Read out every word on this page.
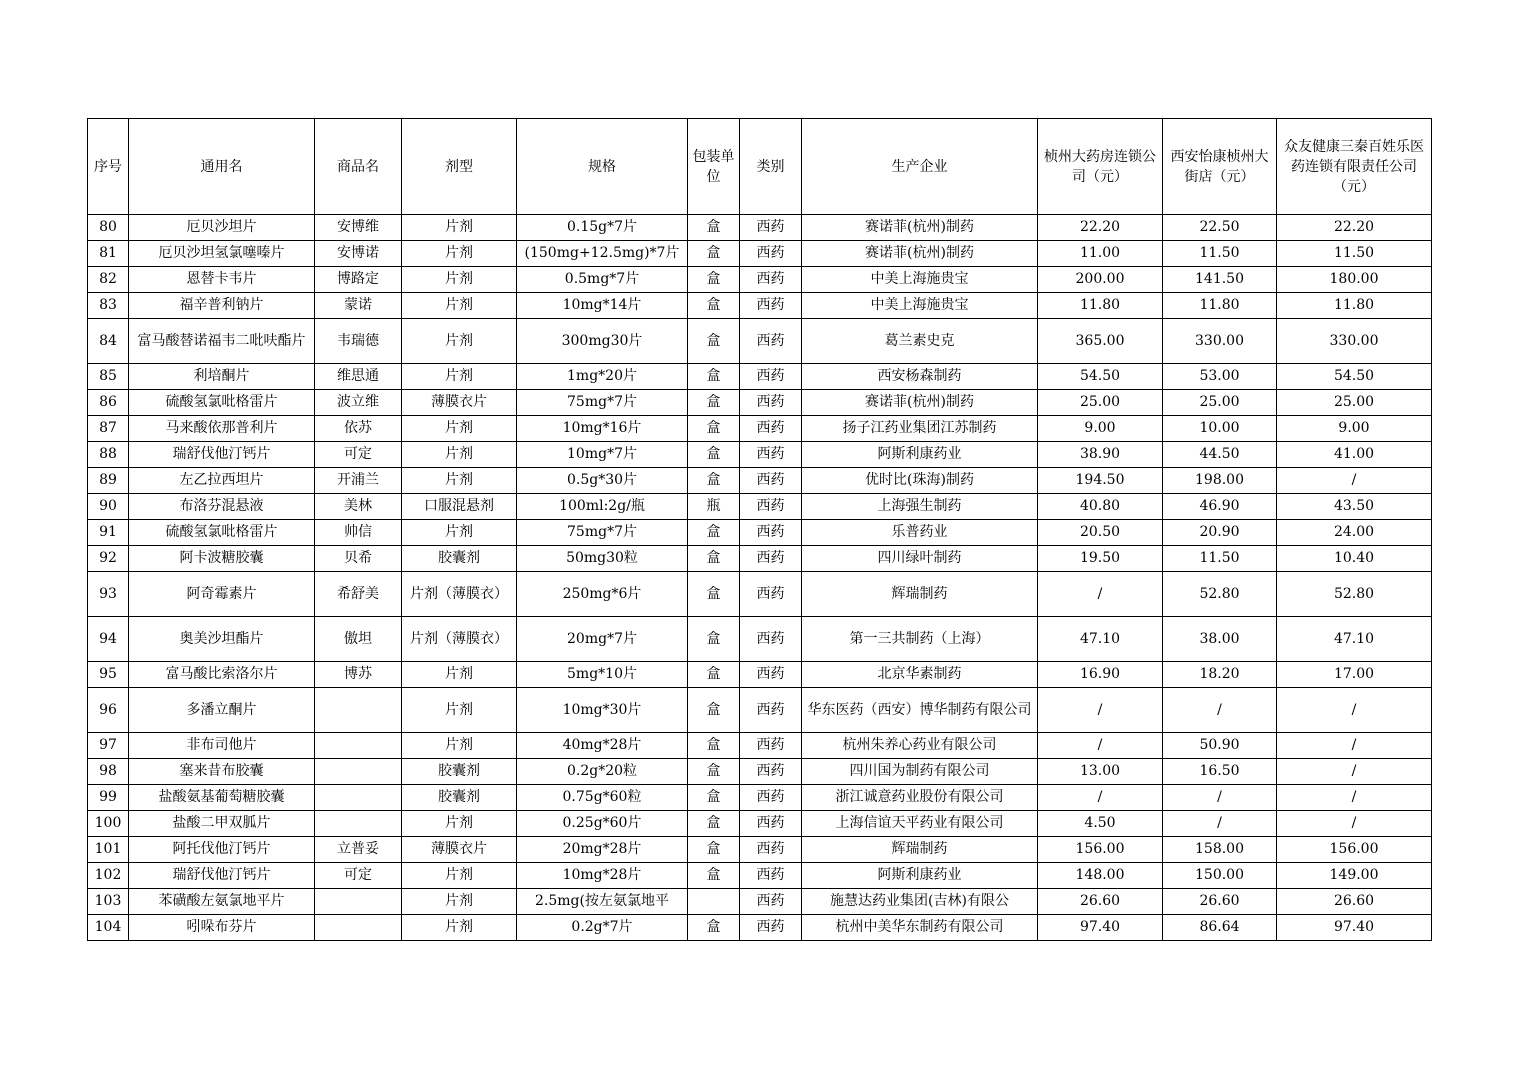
序号	通用名	商品名	剂型	规格	包装单位	类别	生产企业	桢州大药房连锁公司（元）	西安怡康桢州大街店（元）	众友健康三秦百姓乐医药连锁有限责任公司（元）
80	厄贝沙坦片	安博维	片剂	0.15g*7片	盒	西药	赛诺菲(杭州)制药	22.20	22.50	22.20
81	厄贝沙坦氢氯噻嗪片	安博诺	片剂	(150mg+12.5mg)*7片	盒	西药	赛诺菲(杭州)制药	11.00	11.50	11.50
82	恩替卡韦片	博路定	片剂	0.5mg*7片	盒	西药	中美上海施贵宝	200.00	141.50	180.00
83	福辛普利钠片	蒙诺	片剂	10mg*14片	盒	西药	中美上海施贵宝	11.80	11.80	11.80
84	富马酸替诺福韦二吡呋酯片	韦瑞德	片剂	300mg30片	盒	西药	葛兰素史克	365.00	330.00	330.00
85	利培酮片	维思通	片剂	1mg*20片	盒	西药	西安杨森制药	54.50	53.00	54.50
86	硫酸氢氯吡格雷片	波立维	薄膜衣片	75mg*7片	盒	西药	赛诺菲(杭州)制药	25.00	25.00	25.00
87	马来酸依那普利片	依苏	片剂	10mg*16片	盒	西药	扬子江药业集团江苏制药	9.00	10.00	9.00
88	瑞舒伐他汀钙片	可定	片剂	10mg*7片	盒	西药	阿斯利康药业	38.90	44.50	41.00
89	左乙拉西坦片	开浦兰	片剂	0.5g*30片	盒	西药	优时比(珠海)制药	194.50	198.00	/
90	布洛芬混悬液	美林	口服混悬剂	100ml:2g/瓶	瓶	西药	上海强生制药	40.80	46.90	43.50
91	硫酸氢氯吡格雷片	帅信	片剂	75mg*7片	盒	西药	乐普药业	20.50	20.90	24.00
92	阿卡波糖胶囊	贝希	胶囊剂	50mg30粒	盒	西药	四川绿叶制药	19.50	11.50	10.40
93	阿奇霉素片	希舒美	片剂（薄膜衣）	250mg*6片	盒	西药	辉瑞制药	/	52.80	52.80
94	奥美沙坦酯片	傲坦	片剂（薄膜衣）	20mg*7片	盒	西药	第一三共制药（上海）	47.10	38.00	47.10
95	富马酸比索洛尔片	博苏	片剂	5mg*10片	盒	西药	北京华素制药	16.90	18.20	17.00
96	多潘立酮片		片剂	10mg*30片	盒	西药	华东医药（西安）博华制药有限公司	/	/	/
97	非布司他片		片剂	40mg*28片	盒	西药	杭州朱养心药业有限公司	/	50.90	/
98	塞来昔布胶囊		胶囊剂	0.2g*20粒	盒	西药	四川国为制药有限公司	13.00	16.50	/
99	盐酸氨基葡萄糖胶囊		胶囊剂	0.75g*60粒	盒	西药	浙江诚意药业股份有限公司	/	/	/
100	盐酸二甲双胍片		片剂	0.25g*60片	盒	西药	上海信谊天平药业有限公司	4.50	/	/
101	阿托伐他汀钙片	立普妥	薄膜衣片	20mg*28片	盒	西药	辉瑞制药	156.00	158.00	156.00
102	瑞舒伐他汀钙片	可定	片剂	10mg*28片	盒	西药	阿斯利康药业	148.00	150.00	149.00
103	苯磺酸左氨氯地平片		片剂	2.5mg(按左氨氯地平		西药	施慧达药业集团(吉林)有限公	26.60	26.60	26.60
104	吲哚布芬片		片剂	0.2g*7片	盒	西药	杭州中美华东制药有限公司	97.40	86.64	97.40
